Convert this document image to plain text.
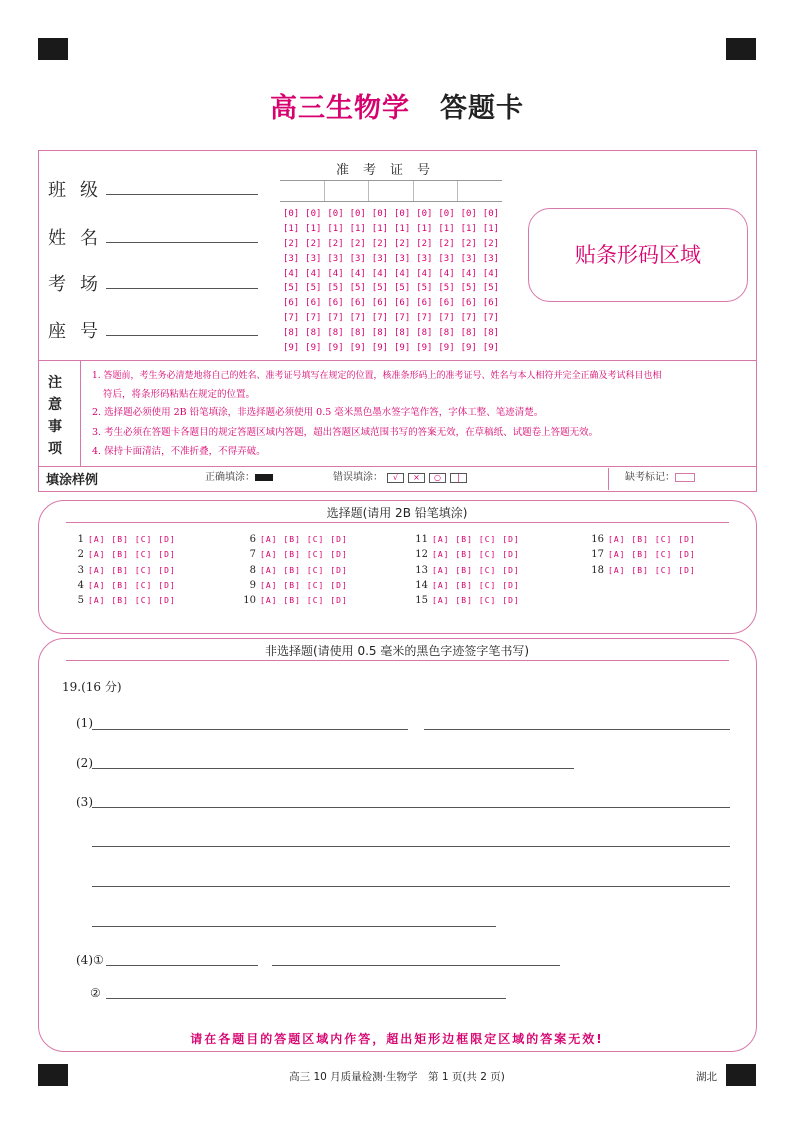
高三生物学 答题卡
班级
姓名
考场
座号
准考证号
[0] [0] [0] [0] [0] [0] [0] [0] [0] [0]
[1] [1] [1] [1] [1] [1] [1] [1] [1] [1]
[2] [2] [2] [2] [2] [2] [2] [2] [2] [2]
[3] [3] [3] [3] [3] [3] [3] [3] [3] [3]
[4] [4] [4] [4] [4] [4] [4] [4] [4] [4]
[5] [5] [5] [5] [5] [5] [5] [5] [5] [5]
[6] [6] [6] [6] [6] [6] [6] [6] [6] [6]
[7] [7] [7] [7] [7] [7] [7] [7] [7] [7]
[8] [8] [8] [8] [8] [8] [8] [8] [8] [8]
[9] [9] [9] [9] [9] [9] [9] [9] [9] [9]
贴条形码区域
注
意
事
项
1. 答题前，考生务必清楚地将自己的姓名、准考证号填写在规定的位置，核准条形码上的准考证号、姓名与本人相符并完全正确及考试科目也相
符后，将条形码粘贴在规定的位置。
2. 选择题必须使用 2B 铅笔填涂，非选择题必须使用 0.5 毫米黑色墨水签字笔作答，字体工整、笔迹清楚。
3. 考生必须在答题卡各题目的规定答题区域内答题，超出答题区域范围书写的答案无效，在草稿纸、试题卷上答题无效。
4. 保持卡面清洁，不准折叠，不得弄破。
填涂样例	正确填涂：	错误填涂： √ × ○ |	缺考标记：
选择题(请用 2B 铅笔填涂)
1 [A] [B] [C] [D]
2 [A] [B] [C] [D]
3 [A] [B] [C] [D]
4 [A] [B] [C] [D]
5 [A] [B] [C] [D]
6 [A] [B] [C] [D]
7 [A] [B] [C] [D]
8 [A] [B] [C] [D]
9 [A] [B] [C] [D]
10 [A] [B] [C] [D]
11 [A] [B] [C] [D]
12 [A] [B] [C] [D]
13 [A] [B] [C] [D]
14 [A] [B] [C] [D]
15 [A] [B] [C] [D]
16 [A] [B] [C] [D]
17 [A] [B] [C] [D]
18 [A] [B] [C] [D]
非选择题(请使用 0.5 毫米的黑色字迹签字笔书写)
19.(16 分)
(1)
(2)
(3)
(4)①
②
请在各题目的答题区域内作答，超出矩形边框限定区域的答案无效!
高三 10 月质量检测·生物学　第 1 页(共 2 页)	湖北
